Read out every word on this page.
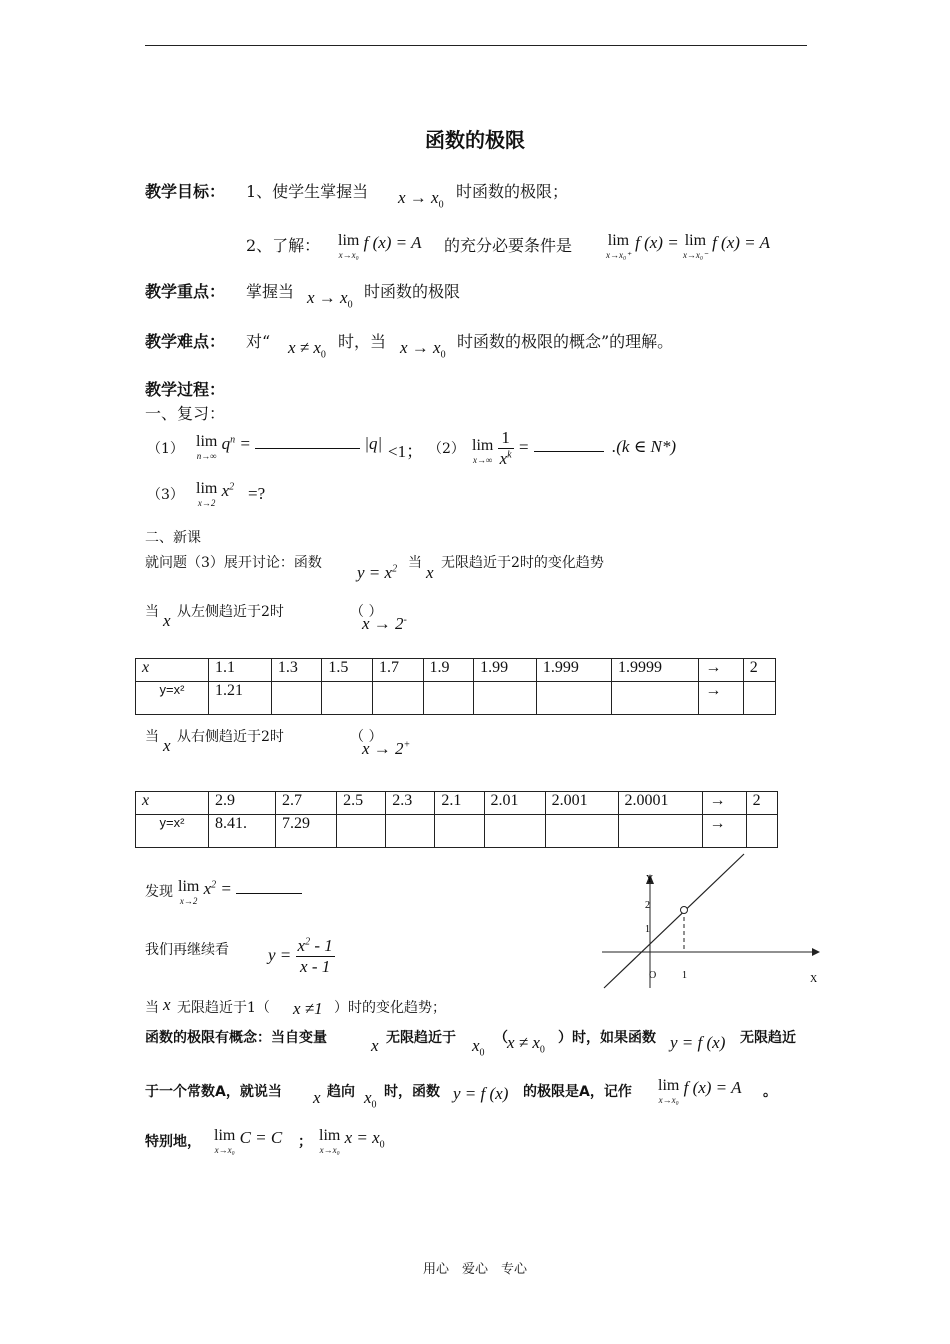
函数的极限
教学目标： 1、使学生掌握当 $x \to x_0$
时函数的极限；
2、了解： lim
x→x₀
f (x) = A 的充分必要条件是 lim
x→x₀⁺
f (x) = lim
x→x₀⁻
f (x) = A
教学重点： 掌握当 $x \to x_0$
时函数的极限
教学难点： 对“ $x \ne x_0$
时，当 $x \to x_0$
时函数的极限的概念”的理解。
教学过程：
一、复习：
（1） lim
n→∞
$q^n$ =	|q| <1； （2） lim
x→∞
$\frac{1}{x^k}$ =	.(k ∈ N*)
（3） lim
x→2
$x^2$ =?
二、新课
就问题（3）展开讨论：函数 $y = x^2$ 当 x 无限趋近于2时的变化趋势
当 x 从左侧趋近于2时	（ ）
x → 2-
x	1.1	1.3	1.5	1.7	1.9	1.99	1.999	1.9999	→	2
y=x²	1.21								→	
当 x 从右侧趋近于2时	（ ）
x → 2+
x	2.9	2.7	2.5	2.3	2.1	2.01	2.001	2.0001	→	2
y=x²	8.41.	7.29							→	
发现 lim
x→2
$x^2$ =
我们再继续看 $y = \frac{x^2 - 1}{x - 1}$
当 x 无限趋近于1（ x ≠1 ）时的变化趋势；
Y
X
O	1
2
1
函数的极限有概念：当自变量	x 无限趋近于 $x_0$
（ $x \ne x_0$
）时，如果函数 y = f (x) 无限趋近
于一个常数A，就说当 x 趋向 $x_0$
时，函数 y = f (x) 的极限是A，记作 lim
x→x₀
f (x) = A 。
特别地， lim
x→x₀
C = C ； lim
x→x₀
$x = x_0$
用心　爱心　专心
